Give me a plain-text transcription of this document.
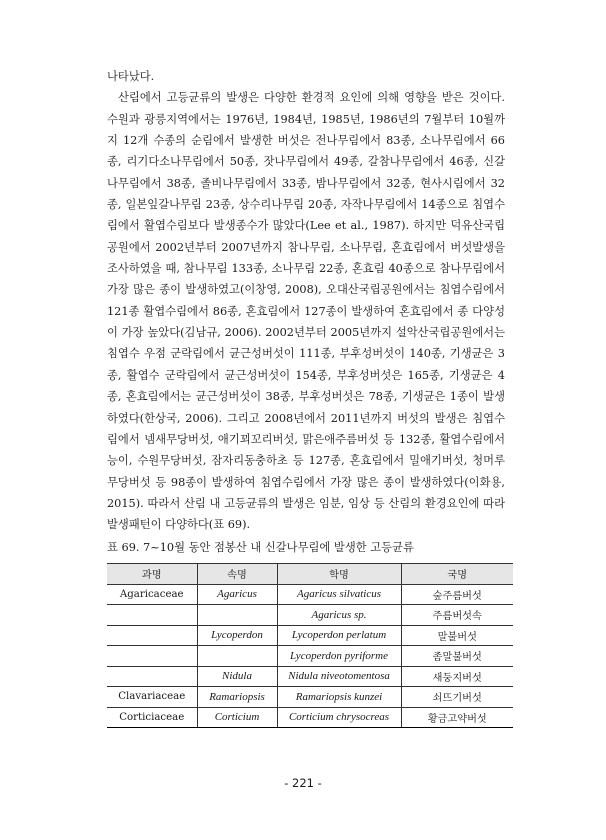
나타났다.

산림에서 고등균류의 발생은 다양한 환경적 요인에 의해 영향을 받은 것이다. 수원과 광릉지역에서는 1976년, 1984년, 1985년, 1986년의 7월부터 10월까지 12개 수종의 순림에서 발생한 버섯은 전나무림에서 83종, 소나무림에서 66종, 리기다소나무림에서 50종, 잣나무림에서 49종, 갈참나무림에서 46종, 신갈나무림에서 38종, 졸비나무림에서 33종, 밤나무림에서 32종, 현사시림에서 32종, 일본잎갈나무림 23종, 상수리나무림 20종, 자작나무림에서 14종으로 침엽수림에서 활엽수림보다 발생종수가 많았다(Lee et al., 1987). 하지만 덕유산국립공원에서 2002년부터 2007년까지 참나무림, 소나무림, 혼효림에서 버섯발생을 조사하였을 때, 참나무림 133종, 소나무림 22종, 혼효림 40종으로 참나무림에서 가장 많은 종이 발생하였고(이창영, 2008), 오대산국립공원에서는 침엽수림에서 121종 활엽수림에서 86종, 혼효림에서 127종이 발생하여 혼효림에서 종 다양성이 가장 높았다(김남규, 2006). 2002년부터 2005년까지 설악산국립공원에서는 침엽수 우점 군락림에서 균근성버섯이 111종, 부후성버섯이 140종, 기생균은 3종, 활엽수 군락림에서 균근성버섯이 154종, 부후성버섯은 165종, 기생균은 4종, 혼효림에서는 균근성버섯이 38종, 부후성버섯은 78종, 기생균은 1종이 발생하였다(한상국, 2006). 그리고 2008년에서 2011년까지 버섯의 발생은 침엽수림에서 넴새무당버섯, 애기꾀꼬리버섯, 맑은애주름버섯 등 132종, 활엽수림에서능이, 수원무당버섯, 잠자리동충하초 등 127종, 혼효림에서 밀애기버섯, 청머루무당버섯 등 98종이 발생하여 침엽수림에서 가장 많은 종이 발생하였다(이화용, 2015). 따라서 산림 내 고등균류의 발생은 임분, 임상 등 산림의 환경요인에 따라 발생패턴이 다양하다(표 69).

표 69. 7~10월 동안 점봉산 내 신갈나무림에 발생한 고등균류
과명	속명	학명	국명
Agaricaceae	Agaricus	Agaricus silvaticus	숲주름버섯
		Agaricus sp.	주름버섯속
	Lycoperdon	Lycoperdon perlatum	말불버섯
		Lycoperdon pyriforme	좀말불버섯
	Nidula	Nidula niveotomentosa	새둥지버섯
Clavariaceae	Ramariopsis	Ramariopsis kunzei	쇠뜨기버섯
Corticiaceae	Corticium	Corticium chrysocreas	황금고약버섯
- 221 -
